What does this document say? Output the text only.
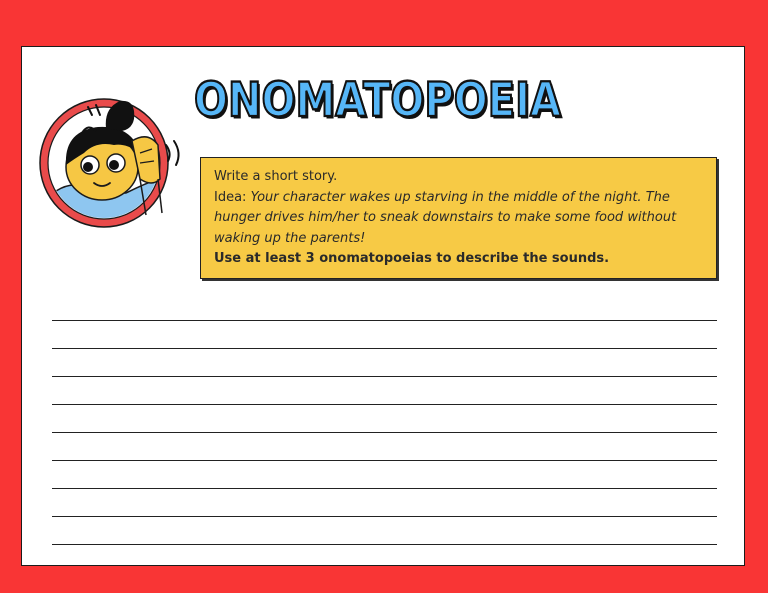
ONOMATOPOEIA

Write a short story.

Idea: Your character wakes up starving in the middle of the night. The hunger drives him/her to sneak downstairs to make some food without waking up the parents!

Use at least 3 onomatopoeias to describe the sounds.
